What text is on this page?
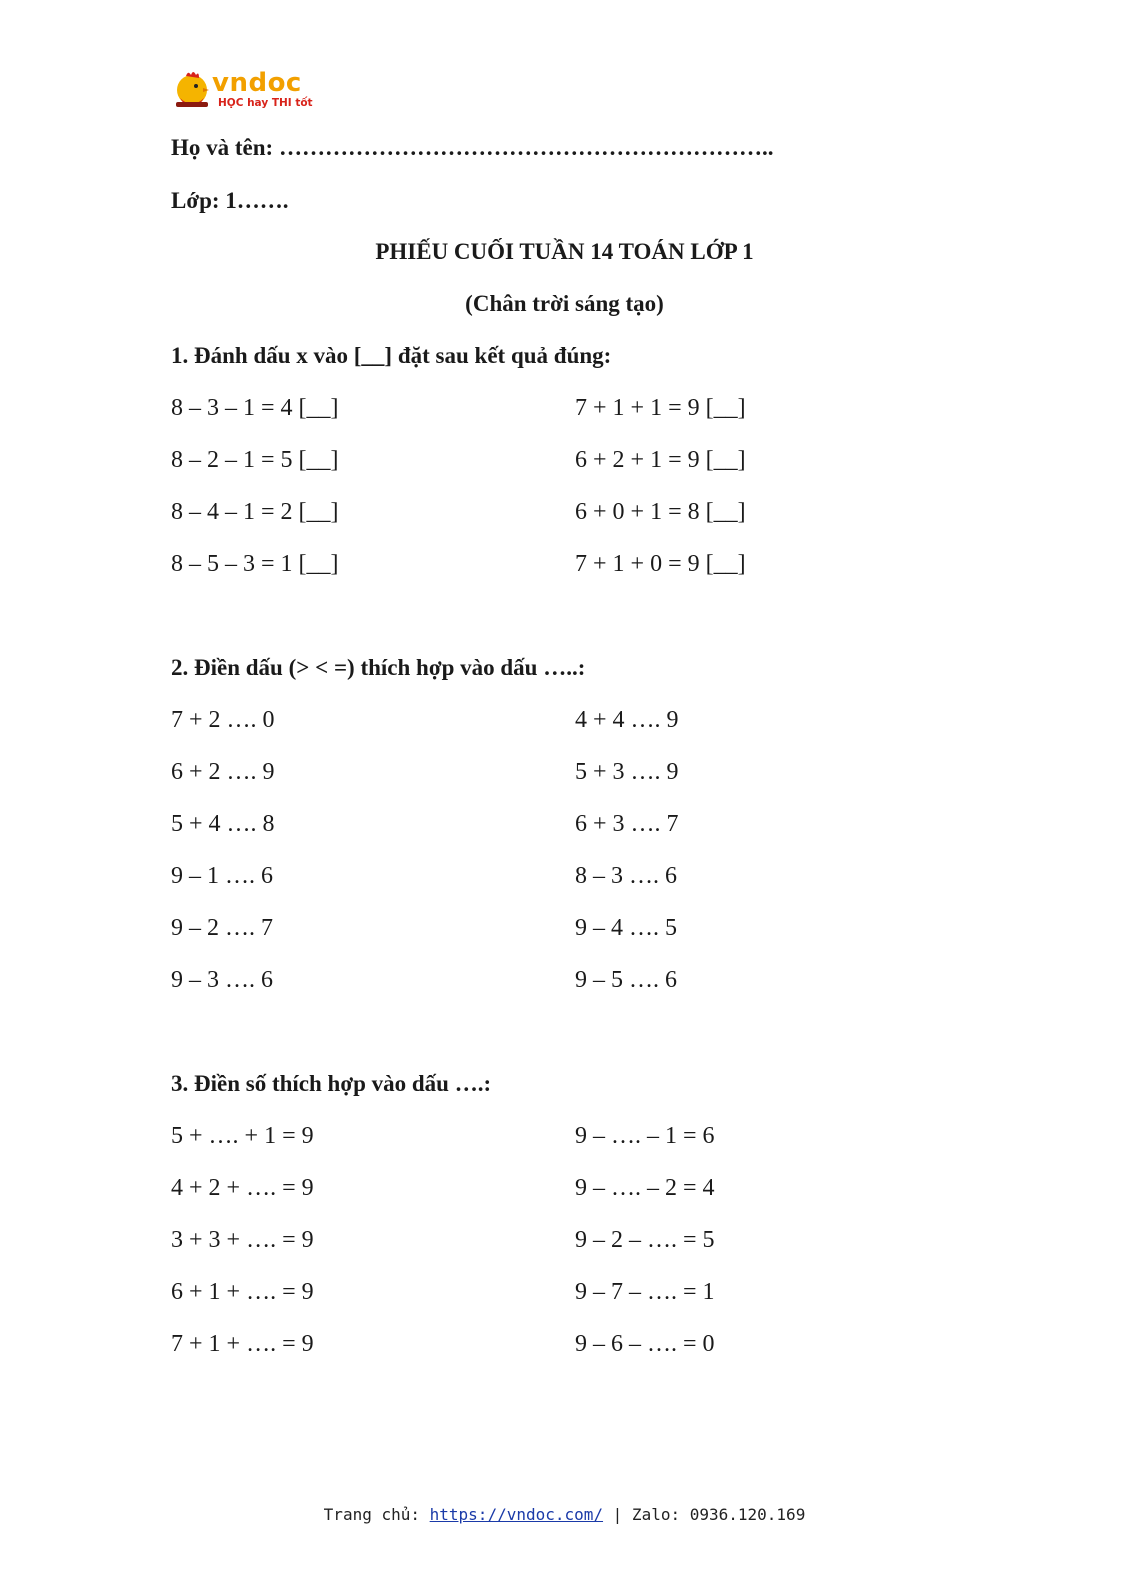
vndoc
HỌC hay THI tốt
Họ và tên: ………………………………………………………..
Lớp: 1…….
PHIẾU CUỐI TUẦN 14 TOÁN LỚP 1
(Chân trời sáng tạo)
1. Đánh dấu x vào [__] đặt sau kết quả đúng:
8 – 3 – 1 = 4 [__]	7 + 1 + 1 = 9 [__]
8 – 2 – 1 = 5 [__]	6 + 2 + 1 = 9 [__]
8 – 4 – 1 = 2 [__]	6 + 0 + 1 = 8 [__]
8 – 5 – 3 = 1 [__]	7 + 1 + 0 = 9 [__]
2. Điền dấu (> < =) thích hợp vào dấu …..:
7 + 2 …. 0	4 + 4 …. 9
6 + 2 …. 9	5 + 3 …. 9
5 + 4 …. 8	6 + 3 …. 7
9 – 1 …. 6	8 – 3 …. 6
9 – 2 …. 7	9 – 4 …. 5
9 – 3 …. 6	9 – 5 …. 6
3. Điền số thích hợp vào dấu ….:
5 + …. + 1 = 9	9 – …. – 1 = 6
4 + 2 + …. = 9	9 – …. – 2 = 4
3 + 3 + …. = 9	9 – 2 – …. = 5
6 + 1 + …. = 9	9 – 7 – …. = 1
7 + 1 + …. = 9	9 – 6 – …. = 0
Trang chủ: https://vndoc.com/ | Zalo: 0936.120.169
